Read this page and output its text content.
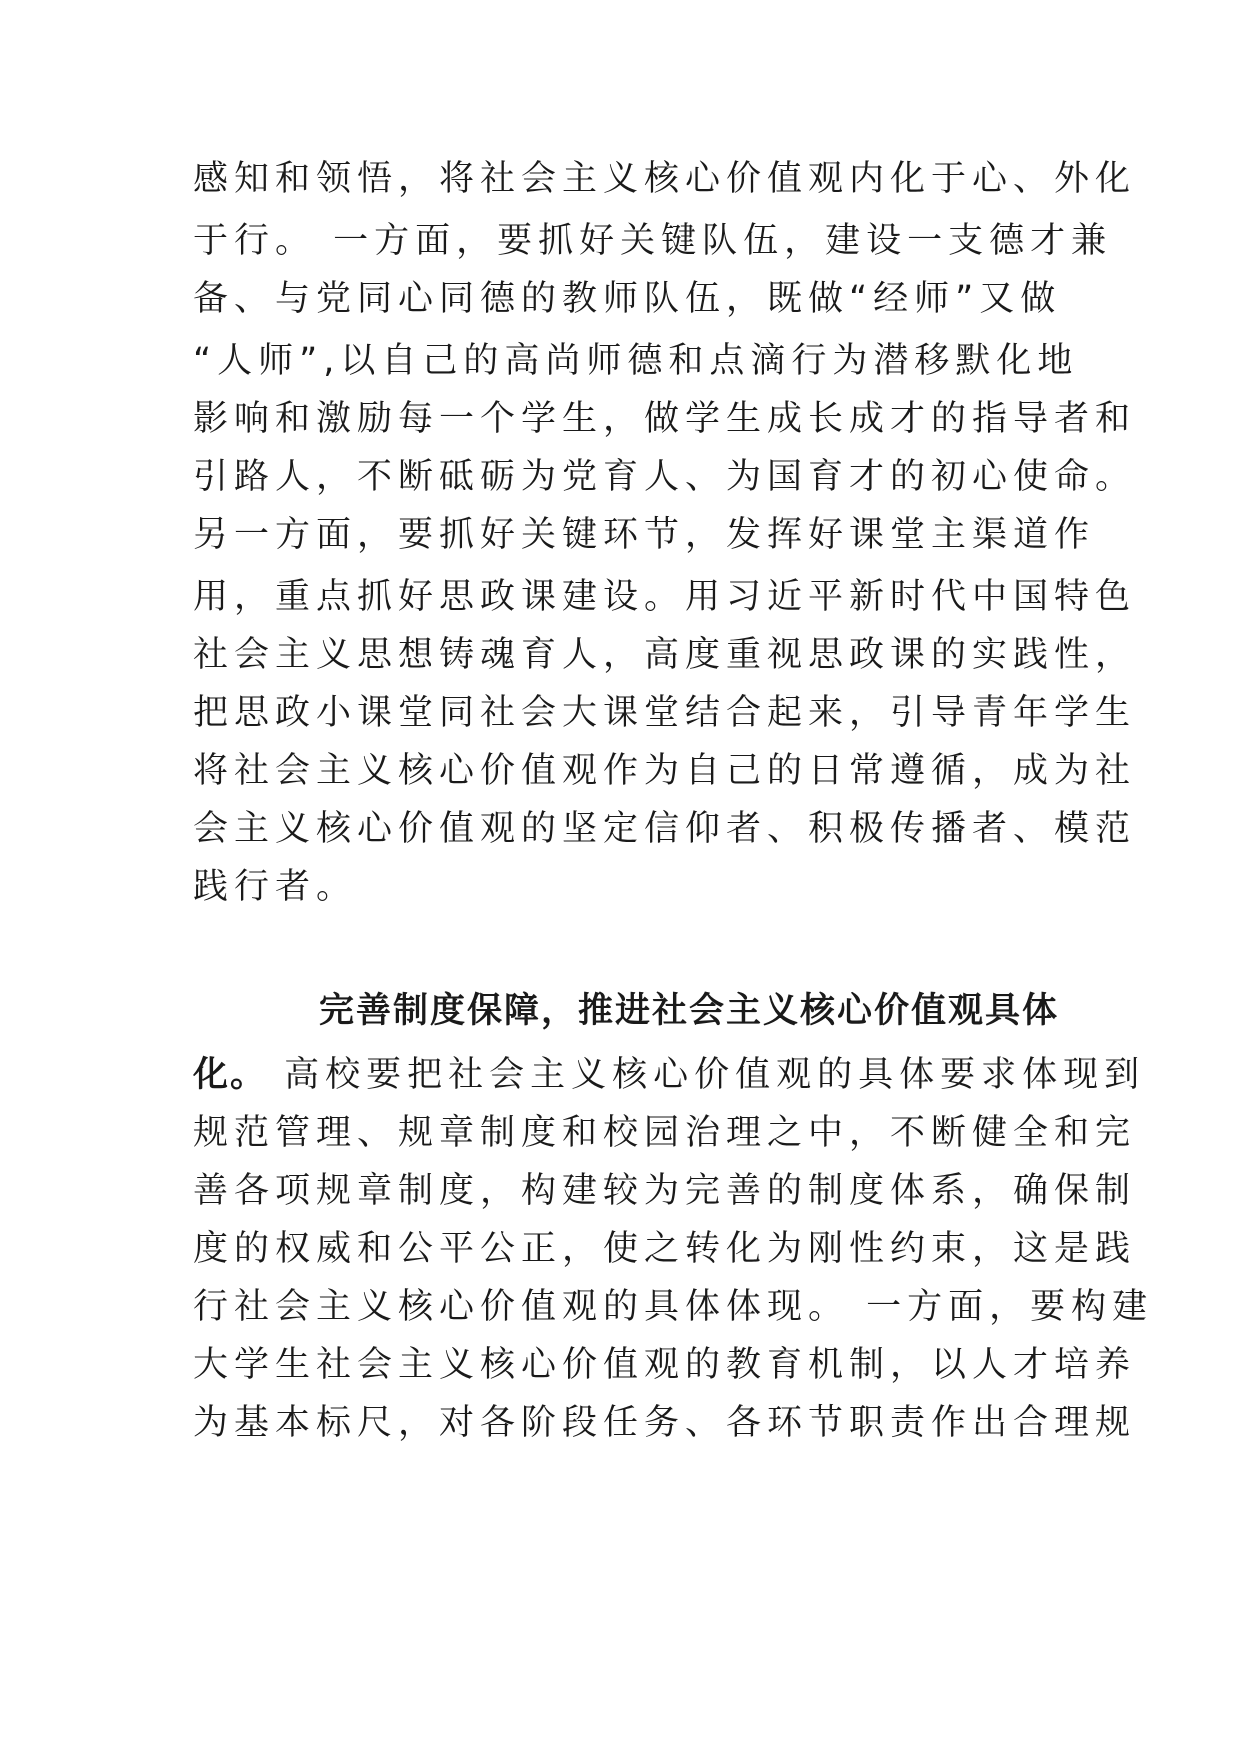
感知和领悟，将社会主义核心价值观内化于心、外化
于行。 一方面，要抓好关键队伍，建设一支德才兼
备、与党同心同德的教师队伍，既做“经师”又做
“人师”,以自己的高尚师德和点滴行为潜移默化地
影响和激励每一个学生，做学生成长成才的指导者和
引路人，不断砥砺为党育人、为国育才的初心使命。
另一方面，要抓好关键环节，发挥好课堂主渠道作
用，重点抓好思政课建设。用习近平新时代中国特色
社会主义思想铸魂育人，高度重视思政课的实践性，
把思政小课堂同社会大课堂结合起来，引导青年学生
将社会主义核心价值观作为自己的日常遵循，成为社
会主义核心价值观的坚定信仰者、积极传播者、模范
践行者。
完善制度保障，推进社会主义核心价值观具体
化。 高校要把社会主义核心价值观的具体要求体现到
规范管理、规章制度和校园治理之中，不断健全和完
善各项规章制度，构建较为完善的制度体系，确保制
度的权威和公平公正，使之转化为刚性约束，这是践
行社会主义核心价值观的具体体现。 一方面，要构建
大学生社会主义核心价值观的教育机制，以人才培养
为基本标尺，对各阶段任务、各环节职责作出合理规
